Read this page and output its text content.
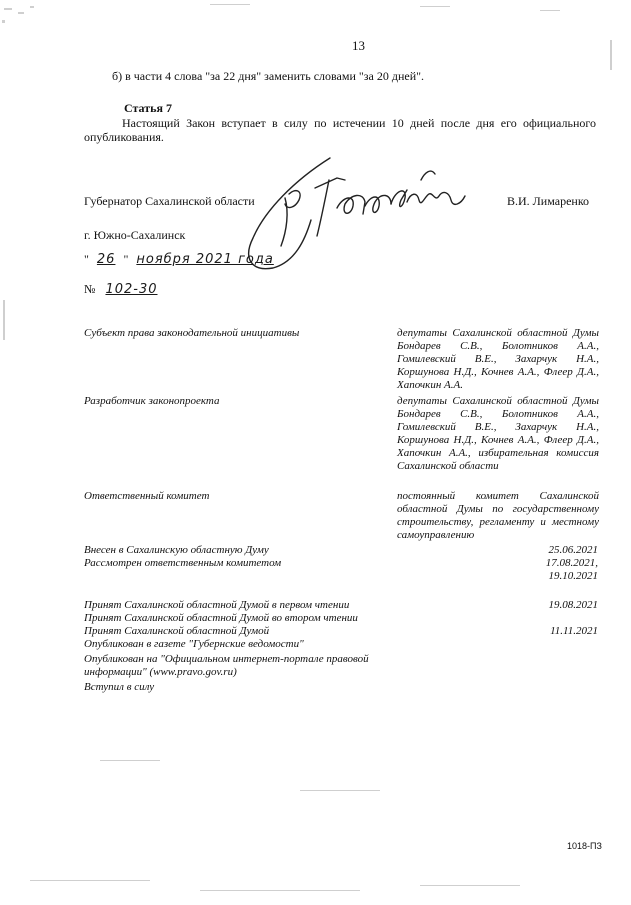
13
б) в части 4 слова "за 22 дня" заменить словами "за 20 дней".
Статья 7
Настоящий Закон вступает в силу по истечении 10 дней после дня его официального опубликования.
Губернатор Сахалинской области	В.И. Лимаренко
г. Южно-Сахалинск
" 26 " ноября 2021 года
№ 102-30
Субъект права законодательной инициативы	депутаты Сахалинской областной Думы Бондарев С.В., Болотников А.А., Гомилевский В.Е., Захарчук Н.А., Коршунова Н.Д., Кочнев А.А., Флеер Д.А., Хапочкин А.А.
Разработчик законопроекта	депутаты Сахалинской областной Думы Бондарев С.В., Болотников А.А., Гомилевский В.Е., Захарчук Н.А., Коршунова Н.Д., Кочнев А.А., Флеер Д.А., Хапочкин А.А., избирательная комиссия Сахалинской области
Ответственный комитет	постоянный комитет Сахалинской областной Думы по государственному строительству, регламенту и местному самоуправлению
Внесен в Сахалинскую областную Думу	25.06.2021
Рассмотрен ответственным комитетом	17.08.2021,
19.10.2021
Принят Сахалинской областной Думой в первом чтении	19.08.2021
Принят Сахалинской областной Думой во втором чтении
Принят Сахалинской областной Думой	11.11.2021
Опубликован в газете "Губернские ведомости"
Опубликован на "Официальном интернет-портале правовой информации" (www.pravo.gov.ru)
Вступил в силу
1018-ПЗ
